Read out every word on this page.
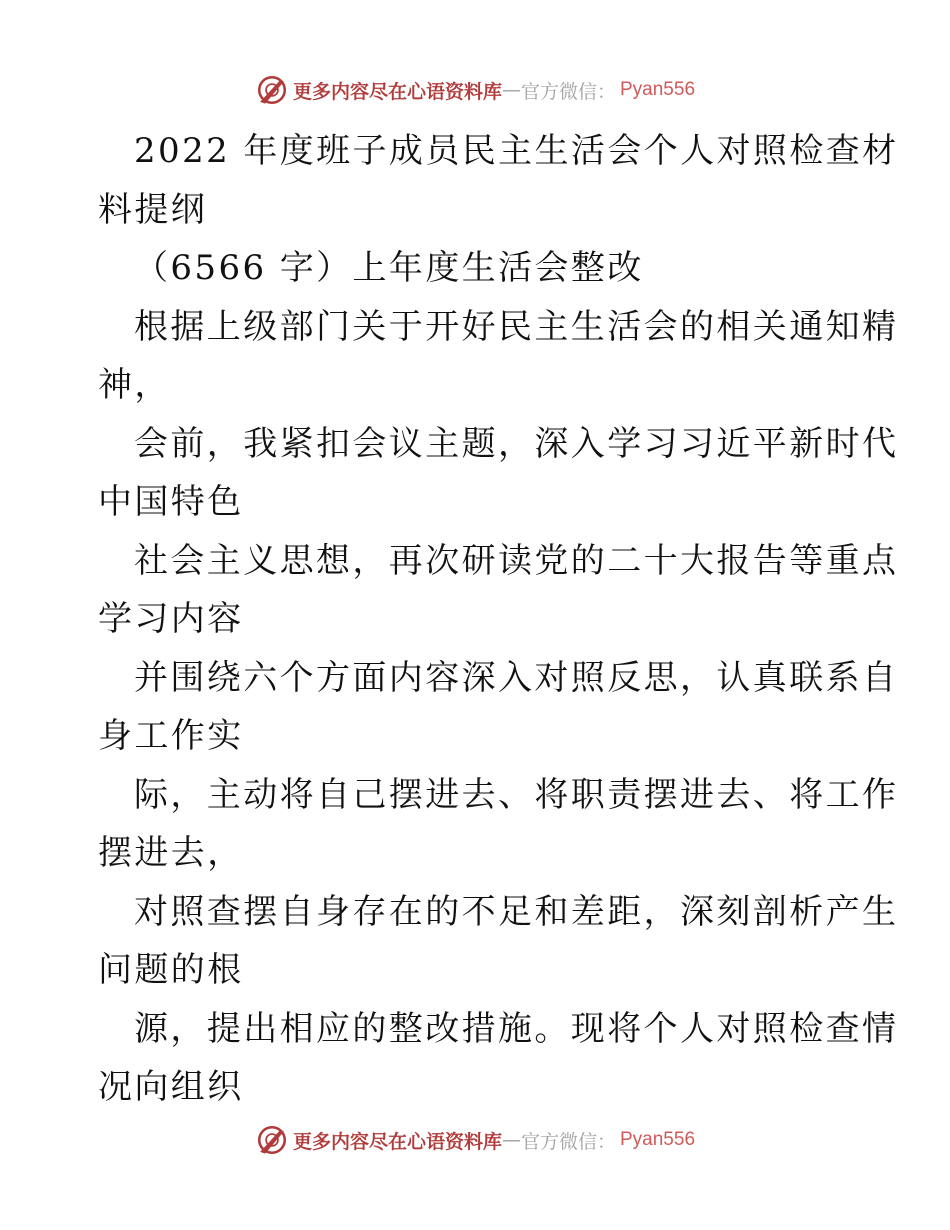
更多内容尽在心语资料库 — 官方微信： Pyan556
2022 年度班子成员民主生活会个人对照检查材
料提纲
（6566 字）上年度生活会整改
根据上级部门关于开好民主生活会的相关通知精
神，
会前，我紧扣会议主题，深入学习习近平新时代
中国特色
社会主义思想，再次研读党的二十大报告等重点
学习内容
并围绕六个方面内容深入对照反思，认真联系自
身工作实
际，主动将自己摆进去、将职责摆进去、将工作
摆进去，
对照查摆自身存在的不足和差距，深刻剖析产生
问题的根
源，提出相应的整改措施。现将个人对照检查情
况向组织
更多内容尽在心语资料库 — 官方微信： Pyan556
